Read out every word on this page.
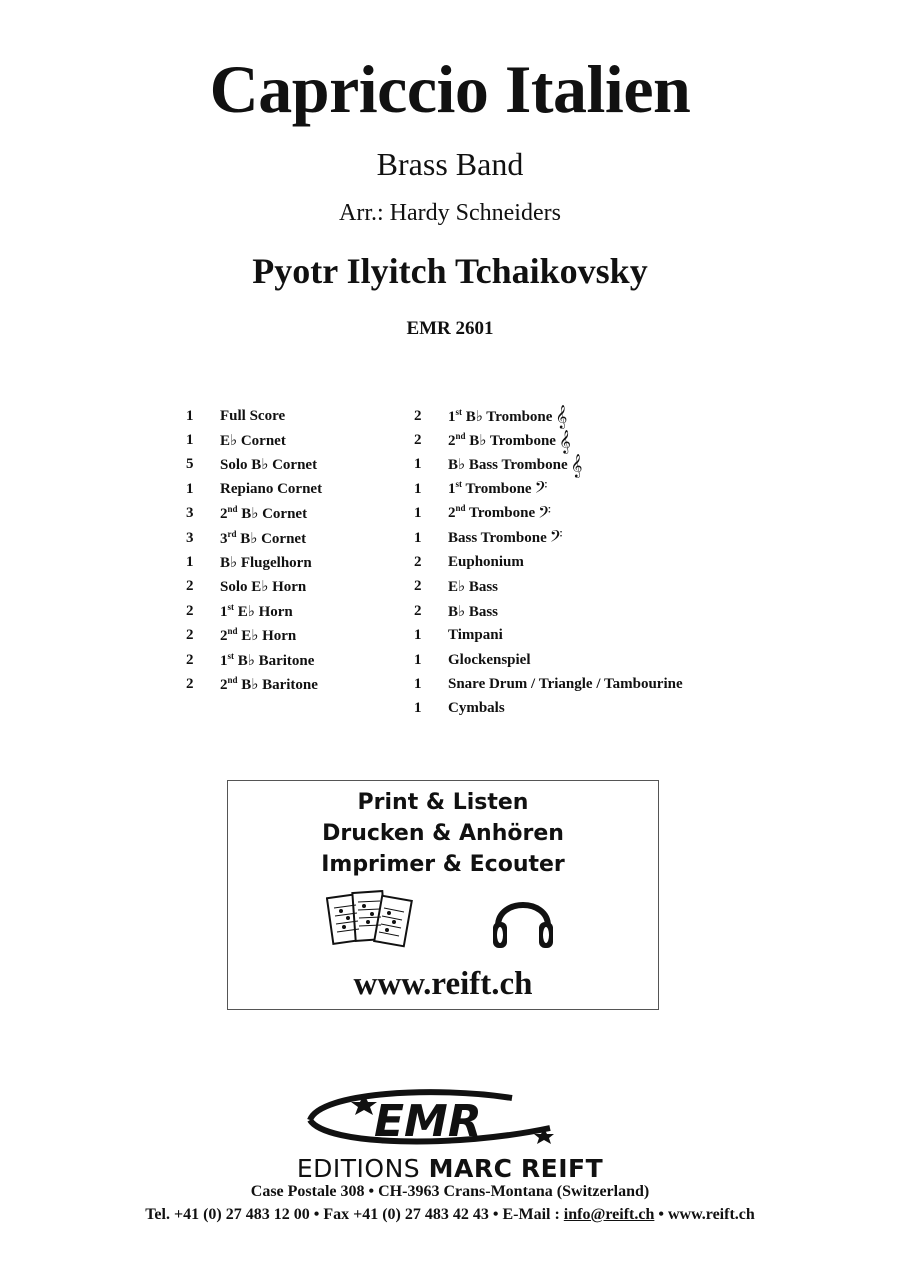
Capriccio Italien
Brass Band
Arr.: Hardy Schneiders
Pyotr Ilyitch Tchaikovsky
EMR 2601
1	Full Score
1	E♭ Cornet
5	Solo B♭ Cornet
1	Repiano Cornet
3	2nd B♭ Cornet
3	3rd B♭ Cornet
1	B♭ Flugelhorn
2	Solo E♭ Horn
2	1st E♭ Horn
2	2nd E♭ Horn
2	1st B♭ Baritone
2	2nd B♭ Baritone
2	1st B♭ Trombone 𝄞
2	2nd B♭ Trombone 𝄞
1	B♭ Bass Trombone 𝄞
1	1st Trombone 𝄢
1	2nd Trombone 𝄢
1	Bass Trombone 𝄢
2	Euphonium
2	E♭ Bass
2	B♭ Bass
1	Timpani
1	Glockenspiel
1	Snare Drum / Triangle / Tambourine
1	Cymbals
Print & Listen
Drucken & Anhören
Imprimer & Ecouter
www.reift.ch
EMR
EDITIONS MARC REIFT
Case Postale 308 • CH-3963 Crans-Montana (Switzerland)
Tel. +41 (0) 27 483 12 00 • Fax +41 (0) 27 483 42 43 • E-Mail : info@reift.ch • www.reift.ch
